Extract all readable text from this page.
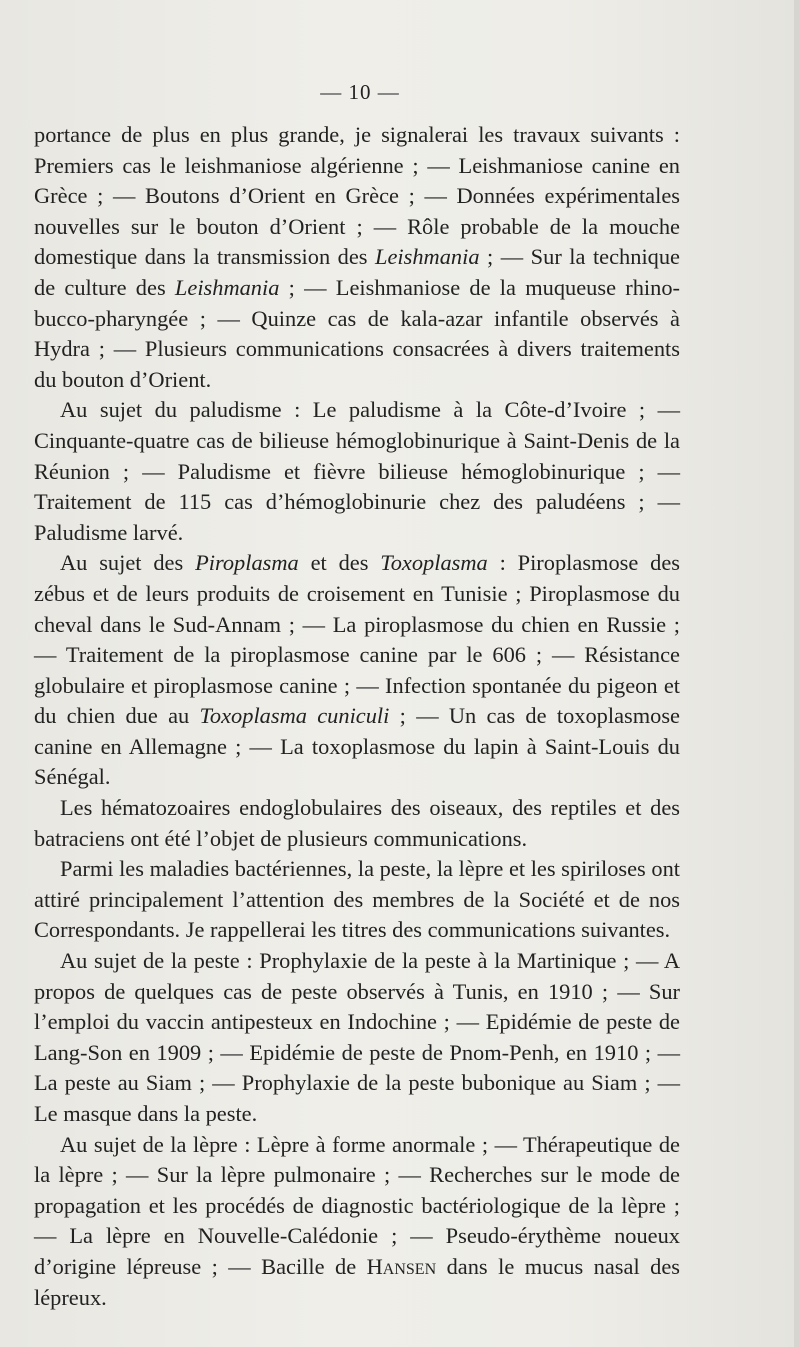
— 10 —

portance de plus en plus grande, je signalerai les travaux suivants : Premiers cas le leishmaniose algérienne ; — Leishmaniose canine en Grèce ; — Boutons d’Orient en Grèce ; — Données expérimentales nouvelles sur le bouton d’Orient ; — Rôle probable de la mouche domestique dans la transmission des Leishmania ; — Sur la technique de culture des Leishmania ; — Leishmaniose de la muqueuse rhino-bucco-pharyngée ; — Quinze cas de kala-azar infantile observés à Hydra ; — Plusieurs communications consacrées à divers traitements du bouton d’Orient.

Au sujet du paludisme : Le paludisme à la Côte-d’Ivoire ; — Cinquante-quatre cas de bilieuse hémoglobinurique à Saint-Denis de la Réunion ; — Paludisme et fièvre bilieuse hémoglobinurique ; — Traitement de 115 cas d’hémoglobinurie chez des paludéens ; — Paludisme larvé.

Au sujet des Piroplasma et des Toxoplasma : Piroplasmose des zébus et de leurs produits de croisement en Tunisie ; Piroplasmose du cheval dans le Sud-Annam ; — La piroplasmose du chien en Russie ; — Traitement de la piroplasmose canine par le 606 ; — Résistance globulaire et piroplasmose canine ; — Infection spontanée du pigeon et du chien due au Toxoplasma cuniculi ; — Un cas de toxoplasmose canine en Allemagne ; — La toxoplasmose du lapin à Saint-Louis du Sénégal.

Les hématozoaires endoglobulaires des oiseaux, des reptiles et des batraciens ont été l’objet de plusieurs communications.

Parmi les maladies bactériennes, la peste, la lèpre et les spiriloses ont attiré principalement l’attention des membres de la Société et de nos Correspondants. Je rappellerai les titres des communications suivantes.

Au sujet de la peste : Prophylaxie de la peste à la Martinique ; — A propos de quelques cas de peste observés à Tunis, en 1910 ; — Sur l’emploi du vaccin antipesteux en Indochine ; — Epidémie de peste de Lang-Son en 1909 ; — Epidémie de peste de Pnom-Penh, en 1910 ; — La peste au Siam ; — Prophylaxie de la peste bubonique au Siam ; — Le masque dans la peste.

Au sujet de la lèpre : Lèpre à forme anormale ; — Thérapeutique de la lèpre ; — Sur la lèpre pulmonaire ; — Recherches sur le mode de propagation et les procédés de diagnostic bactériologique de la lèpre ; — La lèpre en Nouvelle-Calédonie ; — Pseudo-érythème noueux d’origine lépreuse ; — Bacille de Hansen dans le mucus nasal des lépreux.
